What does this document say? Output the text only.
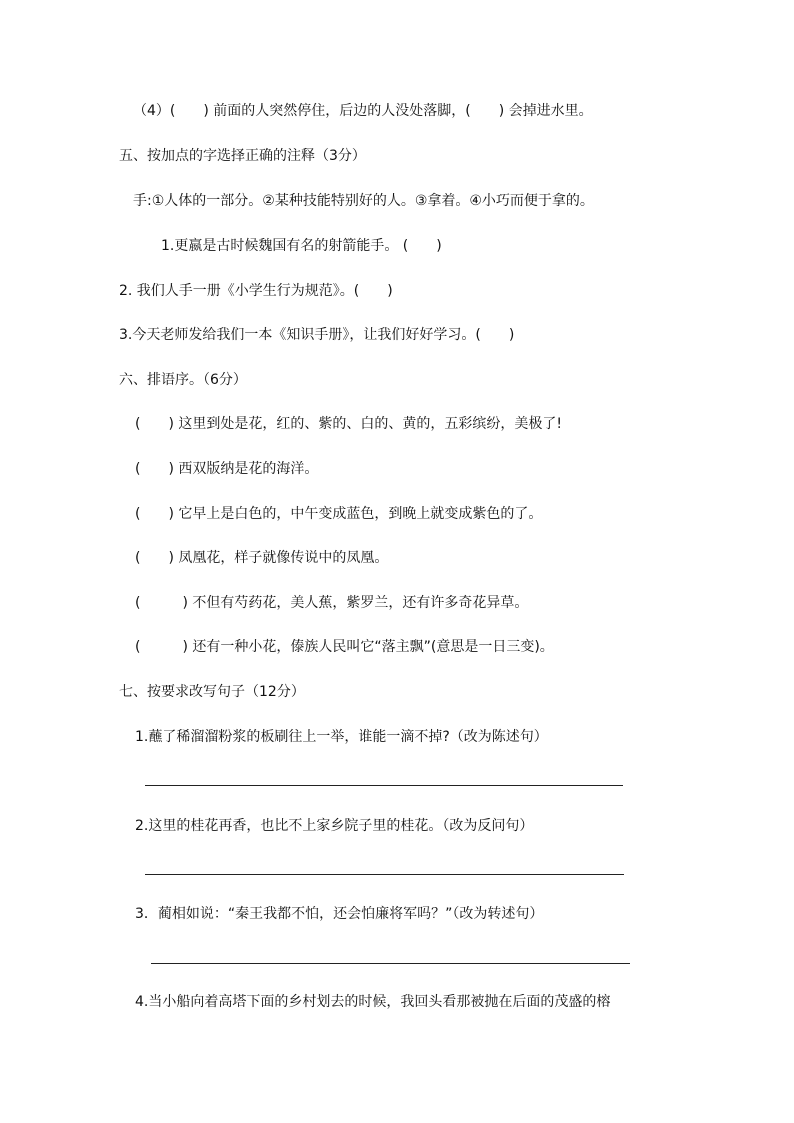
（4）(　　) 前面的人突然停住，后边的人没处落脚，(　　) 会掉进水里。
五、按加点的字选择正确的注释（3分）
手:①人体的一部分。②某种技能特别好的人。③拿着。④小巧而便于拿的。
1.更嬴是古时候魏国有名的射箭能手。 (　　)
2. 我们人手一册《小学生行为规范》。(　　)
3.今天老师发给我们一本《知识手册》，让我们好好学习。(　　)
六、排语序。（6分）
(　　) 这里到处是花，红的、紫的、白的、黄的，五彩缤纷，美极了!
(　　) 西双版纳是花的海洋。
(　　) 它早上是白色的，中午变成蓝色，到晚上就变成紫色的了。
(　　) 凤凰花，样子就像传说中的凤凰。
(　　　) 不但有芍药花，美人蕉，紫罗兰，还有许多奇花异草。
(　　　) 还有一种小花，傣族人民叫它“落主飘”(意思是一日三变)。
七、按要求改写句子（12分）
1.蘸了稀溜溜粉浆的板刷往上一举，谁能一滴不掉?（改为陈述句）
2.这里的桂花再香，也比不上家乡院子里的桂花。（改为反问句）
3．蔺相如说：“秦王我都不怕，还会怕廉将军吗？”（改为转述句）
4.当小船向着高塔下面的乡村划去的时候，我回头看那被抛在后面的茂盛的榕
